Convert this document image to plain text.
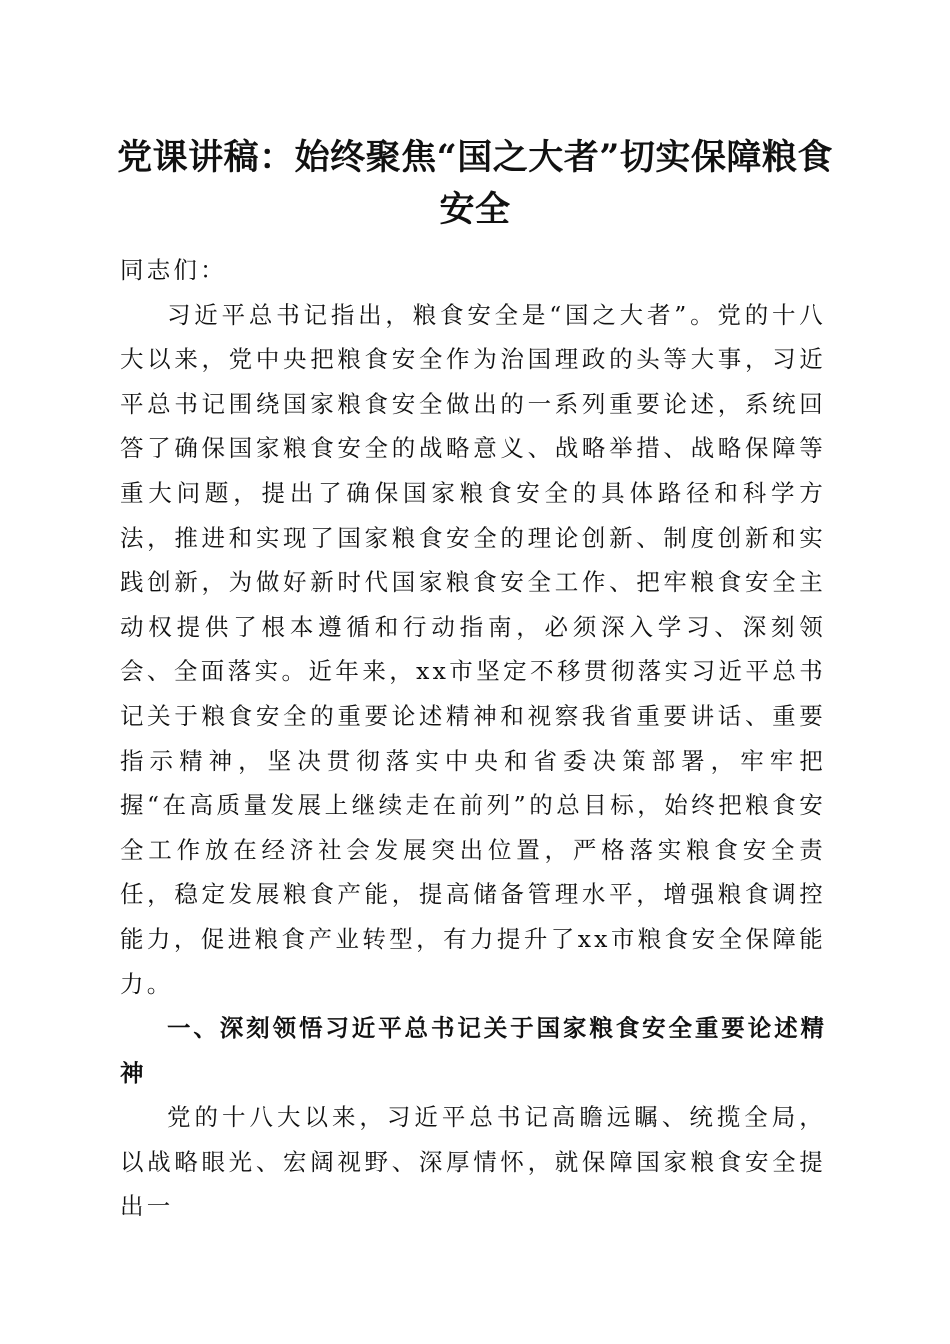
党课讲稿：始终聚焦“国之大者”切实保障粮食安全

同志们：

习近平总书记指出，粮食安全是“国之大者”。党的十八大以来，党中央把粮食安全作为治国理政的头等大事，习近平总书记围绕国家粮食安全做出的一系列重要论述，系统回答了确保国家粮食安全的战略意义、战略举措、战略保障等重大问题，提出了确保国家粮食安全的具体路径和科学方法，推进和实现了国家粮食安全的理论创新、制度创新和实践创新，为做好新时代国家粮食安全工作、把牢粮食安全主动权提供了根本遵循和行动指南，必须深入学习、深刻领会、全面落实。近年来，xx市坚定不移贯彻落实习近平总书记关于粮食安全的重要论述精神和视察我省重要讲话、重要指示精神，坚决贯彻落实中央和省委决策部署，牢牢把握“在高质量发展上继续走在前列”的总目标，始终把粮食安全工作放在经济社会发展突出位置，严格落实粮食安全责任，稳定发展粮食产能，提高储备管理水平，增强粮食调控能力，促进粮食产业转型，有力提升了xx市粮食安全保障能力。

一、深刻领悟习近平总书记关于国家粮食安全重要论述精神

党的十八大以来，习近平总书记高瞻远瞩、统揽全局，以战略眼光、宏阔视野、深厚情怀，就保障国家粮食安全提出一
